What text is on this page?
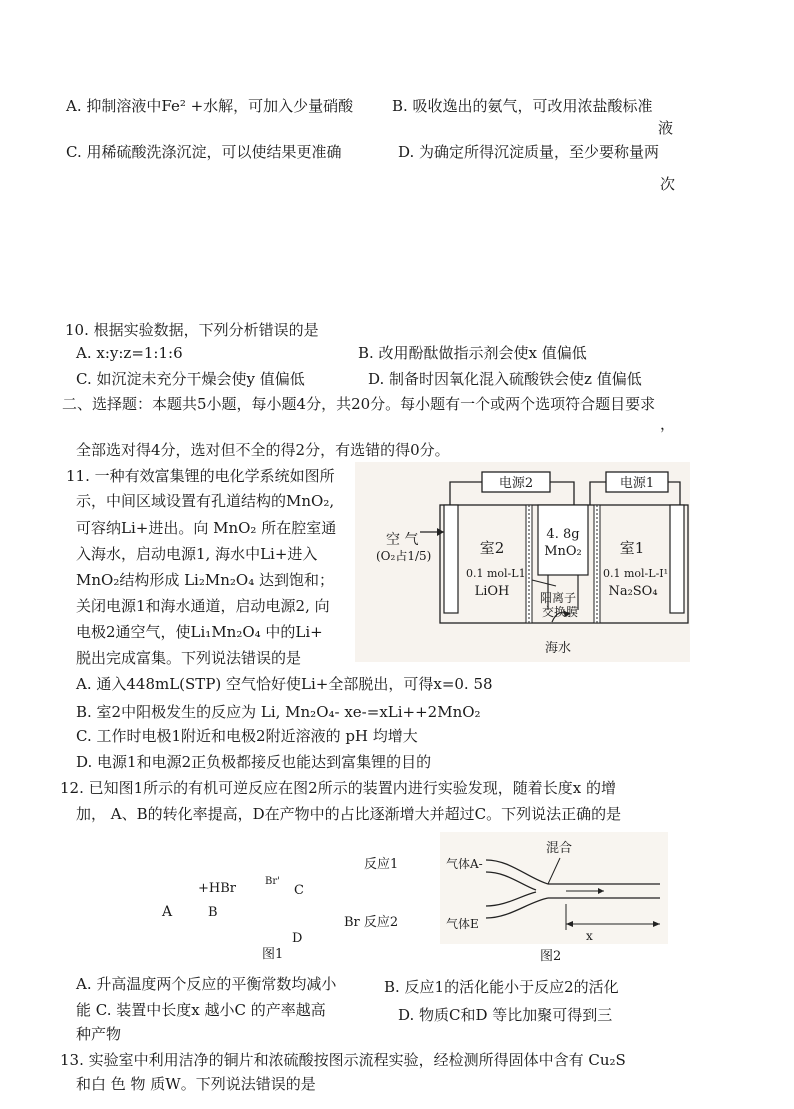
A. 抑制溶液中Fe² +水解，可加入少量硝酸	B. 吸收逸出的氨气，可改用浓盐酸标准
液
C. 用稀硫酸洗涤沉淀，可以使结果更准确	D. 为确定所得沉淀质量，至少要称量两
次
10. 根据实验数据，下列分析错误的是
A. x:y:z=1:1:6	B. 改用酚酞做指示剂会使x 值偏低
C. 如沉淀未充分干燥会使y 值偏低	D. 制备时因氧化混入硫酸铁会使z 值偏低
二、选择题：本题共5小题，每小题4分，共20分。每小题有一个或两个选项符合题目要求
，
全部选对得4分，选对但不全的得2分，有选错的得0分。
11. 一种有效富集锂的电化学系统如图所
示，中间区域设置有孔道结构的MnO₂,
可容纳Li+进出。向 MnO₂ 所在腔室通
入海水，启动电源1, 海水中Li+进入
MnO₂结构形成 Li₂Mn₂O₄ 达到饱和；
关闭电源1和海水通道，启动电源2, 向
电极2通空气，使Li₁Mn₂O₄ 中的Li+
脱出完成富集。下列说法错误的是
电源2	电源1
空 气
(O₂占1/5)	室2
0.1 mol-L1
LiOH
4. 8g
MnO₂	室1
0.1 mol-L-I¹
Na₂SO₄
阳离子
交换膜
海水
A. 通入448mL(STP) 空气恰好使Li+全部脱出，可得x=0. 58
B. 室2中阳极发生的反应为 Li, Mn₂O₄- xe-=xLi++2MnO₂
C. 工作时电极1附近和电极2附近溶液的 pH 均增大
D. 电源1和电源2正负极都接反也能达到富集锂的目的
12. 已知图1所示的有机可逆反应在图2所示的装置内进行实验发现，随着长度x 的增
加， A、B的转化率提高，D在产物中的占比逐渐增大并超过C。下列说法正确的是
+HBr
A	B
Br'
C
反应1
Br 反应2
D
图1
混合
气体A-
气体E
x
图2
A. 升高温度两个反应的平衡常数均减小	B. 反应1的活化能小于反应2的活化
能 C. 装置中长度x 越小C 的产率越高	D. 物质C和D 等比加聚可得到三
种产物
13. 实验室中利用洁净的铜片和浓硫酸按图示流程实验，经检测所得固体中含有 Cu₂S
和白 色 物 质W。下列说法错误的是
